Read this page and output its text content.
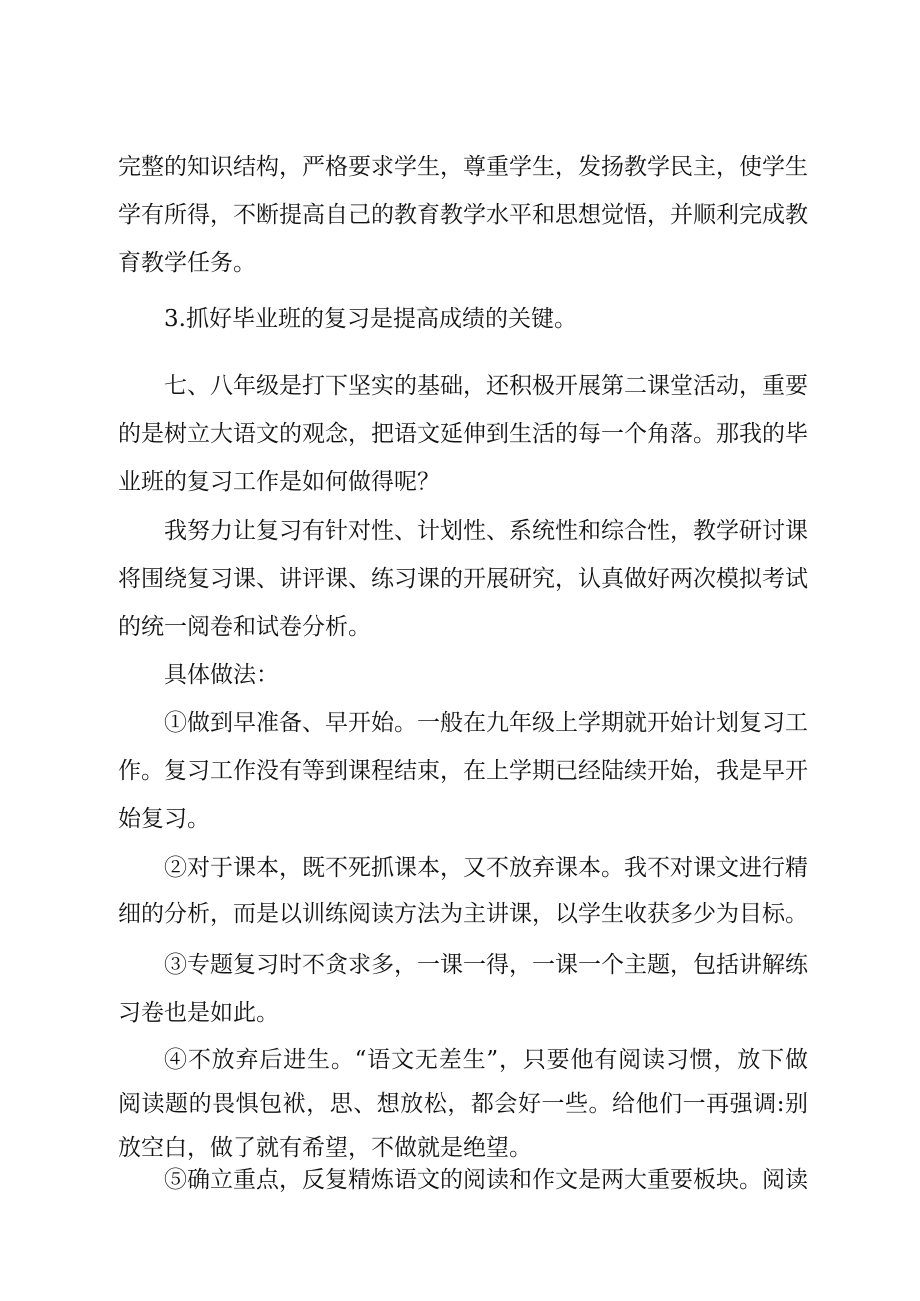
完整的知识结构，严格要求学生，尊重学生，发扬教学民主，使学生学有所得，不断提高自己的教育教学水平和思想觉悟，并顺利完成教育教学任务。

3.抓好毕业班的复习是提高成绩的关键。

七、八年级是打下坚实的基础，还积极开展第二课堂活动，重要的是树立大语文的观念，把语文延伸到生活的每一个角落。那我的毕业班的复习工作是如何做得呢？

我努力让复习有针对性、计划性、系统性和综合性，教学研讨课将围绕复习课、讲评课、练习课的开展研究，认真做好两次模拟考试的统一阅卷和试卷分析。

具体做法：

①做到早准备、早开始。一般在九年级上学期就开始计划复习工作。复习工作没有等到课程结束，在上学期已经陆续开始，我是早开始复习。

②对于课本，既不死抓课本，又不放弃课本。我不对课文进行精细的分析，而是以训练阅读方法为主讲课，以学生收获多少为目标。

③专题复习时不贪求多，一课一得，一课一个主题，包括讲解练习卷也是如此。

④不放弃后进生。“语文无差生”，只要他有阅读习惯，放下做阅读题的畏惧包袱，思、想放松，都会好一些。给他们一再强调:别放空白，做了就有希望，不做就是绝望。

⑤确立重点，反复精炼语文的阅读和作文是两大重要板块。阅读
